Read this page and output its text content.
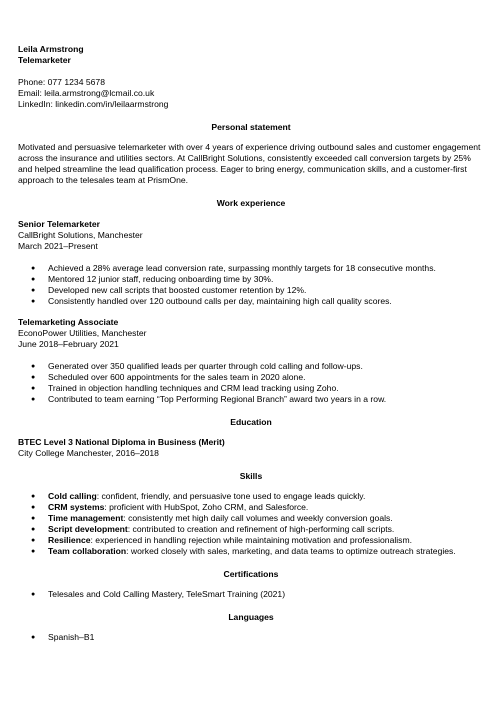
Leila Armstrong
Telemarketer
Phone: 077 1234 5678
Email: leila.armstrong@lcmail.co.uk
LinkedIn: linkedin.com/in/leilaarmstrong
Personal statement

Motivated and persuasive telemarketer with over 4 years of experience driving outbound sales and customer engagement across the insurance and utilities sectors. At CallBright Solutions, consistently exceeded call conversion targets by 25% and helped streamline the lead qualification process. Eager to bring energy, communication skills, and a customer-first approach to the telesales team at PrismOne.

Work experience
Senior Telemarketer
CallBright Solutions, Manchester
March 2021–Present
● Achieved a 28% average lead conversion rate, surpassing monthly targets for 18 consecutive months.
● Mentored 12 junior staff, reducing onboarding time by 30%.
● Developed new call scripts that boosted customer retention by 12%.
● Consistently handled over 120 outbound calls per day, maintaining high call quality scores.
Telemarketing Associate
EconoPower Utilities, Manchester
June 2018–February 2021
● Generated over 350 qualified leads per quarter through cold calling and follow-ups.
● Scheduled over 600 appointments for the sales team in 2020 alone.
● Trained in objection handling techniques and CRM lead tracking using Zoho.
● Contributed to team earning “Top Performing Regional Branch” award two years in a row.
Education
BTEC Level 3 National Diploma in Business (Merit)
City College Manchester, 2016–2018
Skills
● Cold calling: confident, friendly, and persuasive tone used to engage leads quickly.
● CRM systems: proficient with HubSpot, Zoho CRM, and Salesforce.
● Time management: consistently met high daily call volumes and weekly conversion goals.
● Script development: contributed to creation and refinement of high-performing call scripts.
● Resilience: experienced in handling rejection while maintaining motivation and professionalism.
● Team collaboration: worked closely with sales, marketing, and data teams to optimize outreach strategies.
Certifications
● Telesales and Cold Calling Mastery, TeleSmart Training (2021)
Languages
● Spanish–B1
